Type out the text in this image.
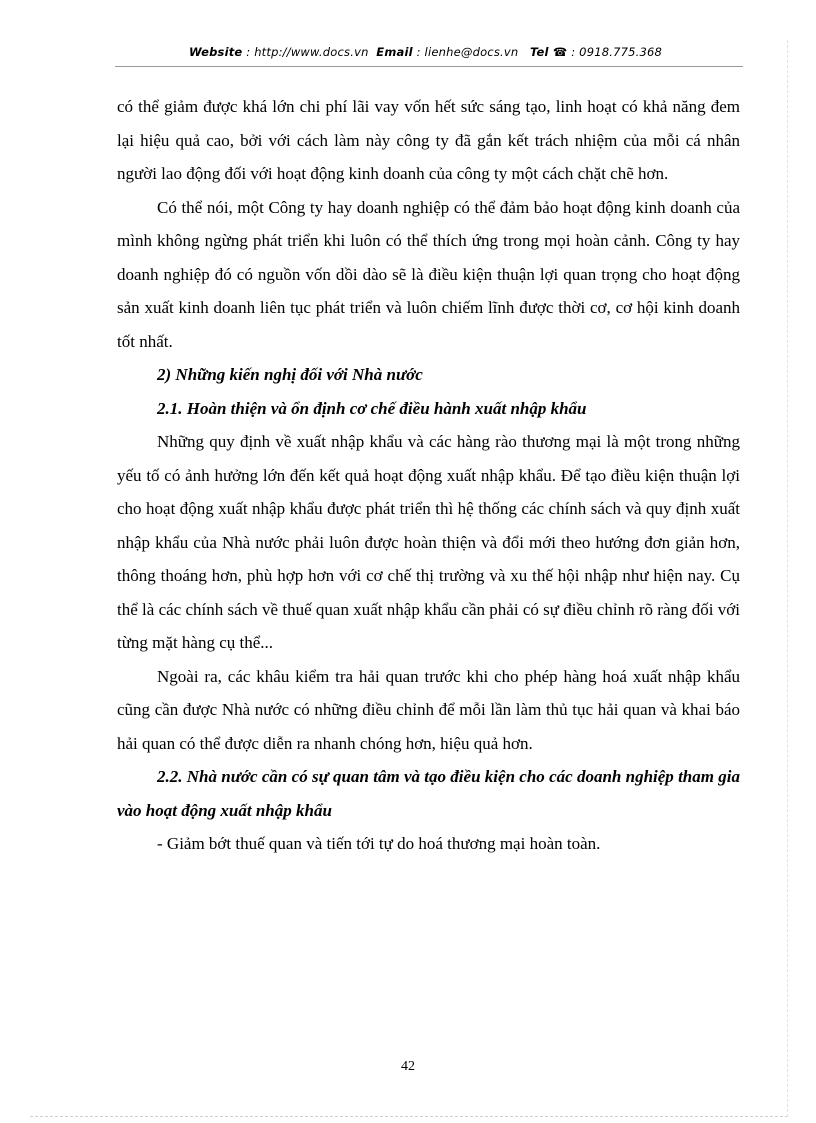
Website : http://www.docs.vn Email : lienhe@docs.vn Tel ☎ : 0918.775.368

có thể giảm được khá lớn chi phí lãi vay vốn hết sức sáng tạo, linh hoạt có khả năng đem lại hiệu quả cao, bởi với cách làm này công ty đã gắn kết trách nhiệm của mỗi cá nhân người lao động đối với hoạt động kinh doanh của công ty một cách chặt chẽ hơn.

Có thể nói, một Công ty hay doanh nghiệp có thể đảm bảo hoạt động kinh doanh của mình không ngừng phát triển khi luôn có thể thích ứng trong mọi hoàn cảnh. Công ty hay doanh nghiệp đó có nguồn vốn dồi dào sẽ là điều kiện thuận lợi quan trọng cho hoạt động sản xuất kinh doanh liên tục phát triển và luôn chiếm lĩnh được thời cơ, cơ hội kinh doanh tốt nhất.

2) Những kiến nghị đối với Nhà nước

2.1. Hoàn thiện và ổn định cơ chế điều hành xuất nhập khẩu

Những quy định về xuất nhập khẩu và các hàng rào thương mại là một trong những yếu tố có ảnh hưởng lớn đến kết quả hoạt động xuất nhập khẩu. Để tạo điều kiện thuận lợi cho hoạt động xuất nhập khẩu được phát triển thì hệ thống các chính sách và quy định xuất nhập khẩu của Nhà nước phải luôn được hoàn thiện và đổi mới theo hướng đơn giản hơn, thông thoáng hơn, phù hợp hơn với cơ chế thị trường và xu thế hội nhập như hiện nay. Cụ thể là các chính sách về thuế quan xuất nhập khẩu cần phải có sự điều chỉnh rõ ràng đối với từng mặt hàng cụ thể...

Ngoài ra, các khâu kiểm tra hải quan trước khi cho phép hàng hoá xuất nhập khẩu cũng cần được Nhà nước có những điều chỉnh để mỗi lần làm thủ tục hải quan và khai báo hải quan có thể được diễn ra nhanh chóng hơn, hiệu quả hơn.

2.2. Nhà nước cần có sự quan tâm và tạo điều kiện cho các doanh nghiệp tham gia vào hoạt động xuất nhập khẩu

- Giảm bớt thuế quan và tiến tới tự do hoá thương mại hoàn toàn.

42
